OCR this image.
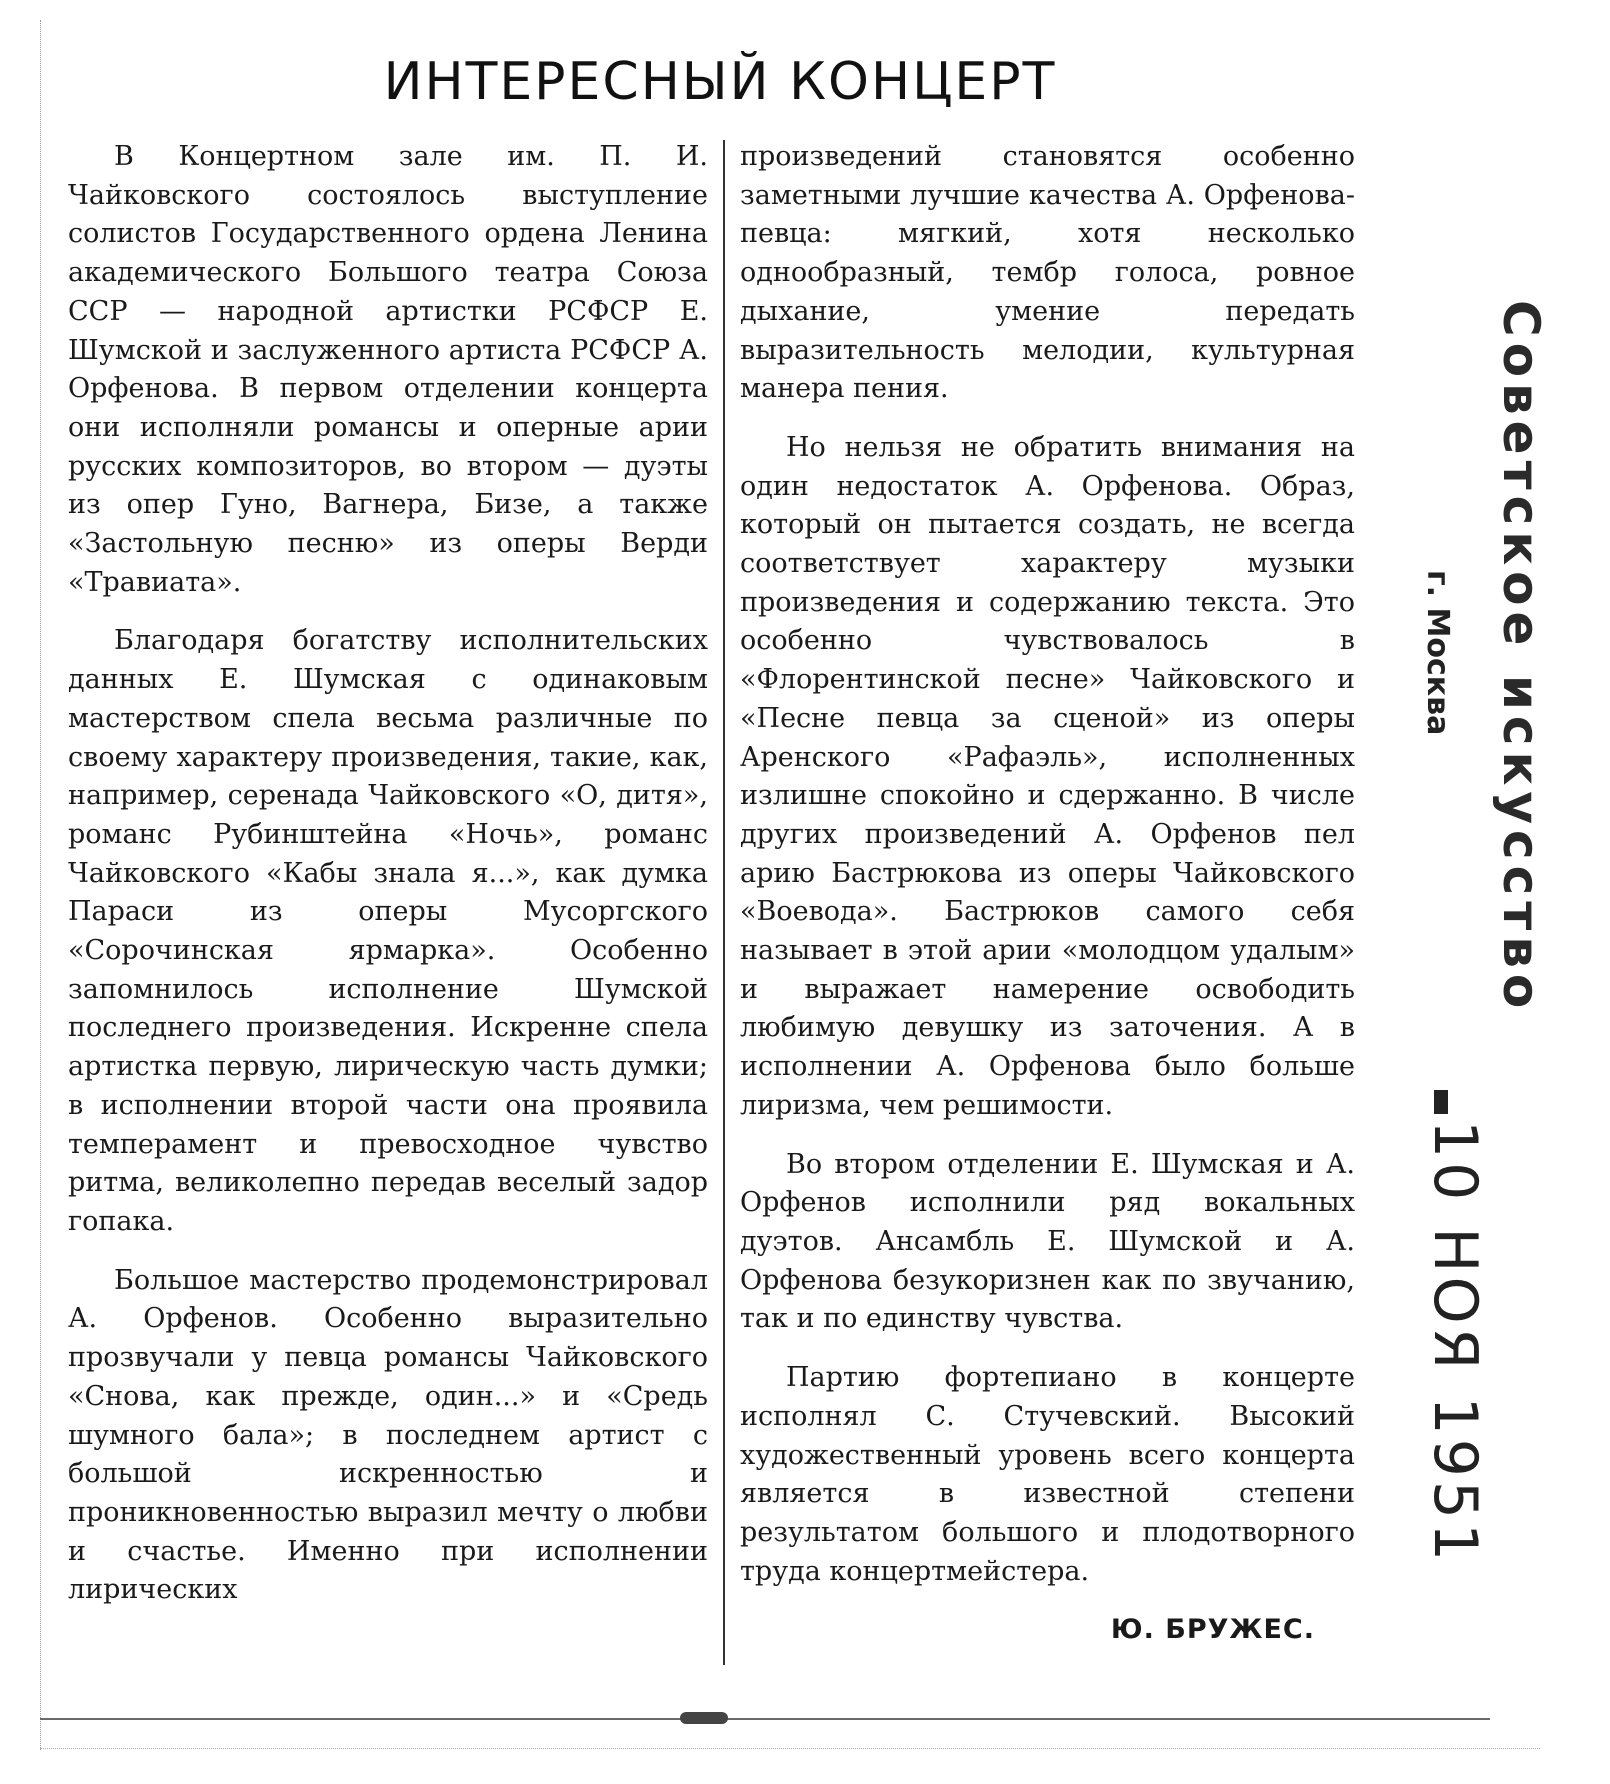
ИНТЕРЕСНЫЙ КОНЦЕРТ

В Концертном зале им. П. И. Чайковского состоялось выступление солистов Государственного ордена Ленина академического Большого театра Союза ССР — народной артистки РСФСР Е. Шумской и заслуженного артиста РСФСР А. Орфенова. В первом отделении концерта они исполняли романсы и оперные арии русских композиторов, во втором — дуэты из опер Гуно, Вагнера, Бизе, а также «Застольную песню» из оперы Верди «Травиата».

Благодаря богатству исполнительских данных Е. Шумская с одинаковым мастерством спела весьма различные по своему характеру произведения, такие, как, например, серенада Чайковского «О, дитя», романс Рубинштейна «Ночь», романс Чайковского «Кабы знала я...», как думка Параси из оперы Мусоргского «Сорочинская ярмарка». Особенно запомнилось исполнение Шумской последнего произведения. Искренне спела артистка первую, лирическую часть думки; в исполнении второй части она проявила темперамент и превосходное чувство ритма, великолепно передав веселый задор гопака.

Большое мастерство продемонстрировал А. Орфенов. Особенно выразительно прозвучали у певца романсы Чайковского «Снова, как прежде, один...» и «Средь шумного бала»; в последнем артист с большой искренностью и проникновенностью выразил мечту о любви и счастье. Именно при исполнении лирических

произведений становятся особенно заметными лучшие качества А. Орфенова-певца: мягкий, хотя несколько однообразный, тембр голоса, ровное дыхание, умение передать выразительность мелодии, культурная манера пения.

Но нельзя не обратить внимания на один недостаток А. Орфенова. Образ, который он пытается создать, не всегда соответствует характеру музыки произведения и содержанию текста. Это особенно чувствовалось в «Флорентинской песне» Чайковского и «Песне певца за сценой» из оперы Аренского «Рафаэль», исполненных излишне спокойно и сдержанно. В числе других произведений А. Орфенов пел арию Бастрюкова из оперы Чайковского «Воевода». Бастрюков самого себя называет в этой арии «молодцом удалым» и выражает намерение освободить любимую девушку из заточения. А в исполнении А. Орфенова было больше лиризма, чем решимости.

Во втором отделении Е. Шумская и А. Орфенов исполнили ряд вокальных дуэтов. Ансамбль Е. Шумской и А. Орфенова безукоризнен как по звучанию, так и по единству чувства.

Партию фортепиано в концерте исполнял С. Стучевский. Высокий художественный уровень всего концерта является в известной степени результатом большого и плодотворного труда концертмейстера.

Ю. БРУЖЕС.
Советское искусство
г. Москва
10 НОЯ 1951
